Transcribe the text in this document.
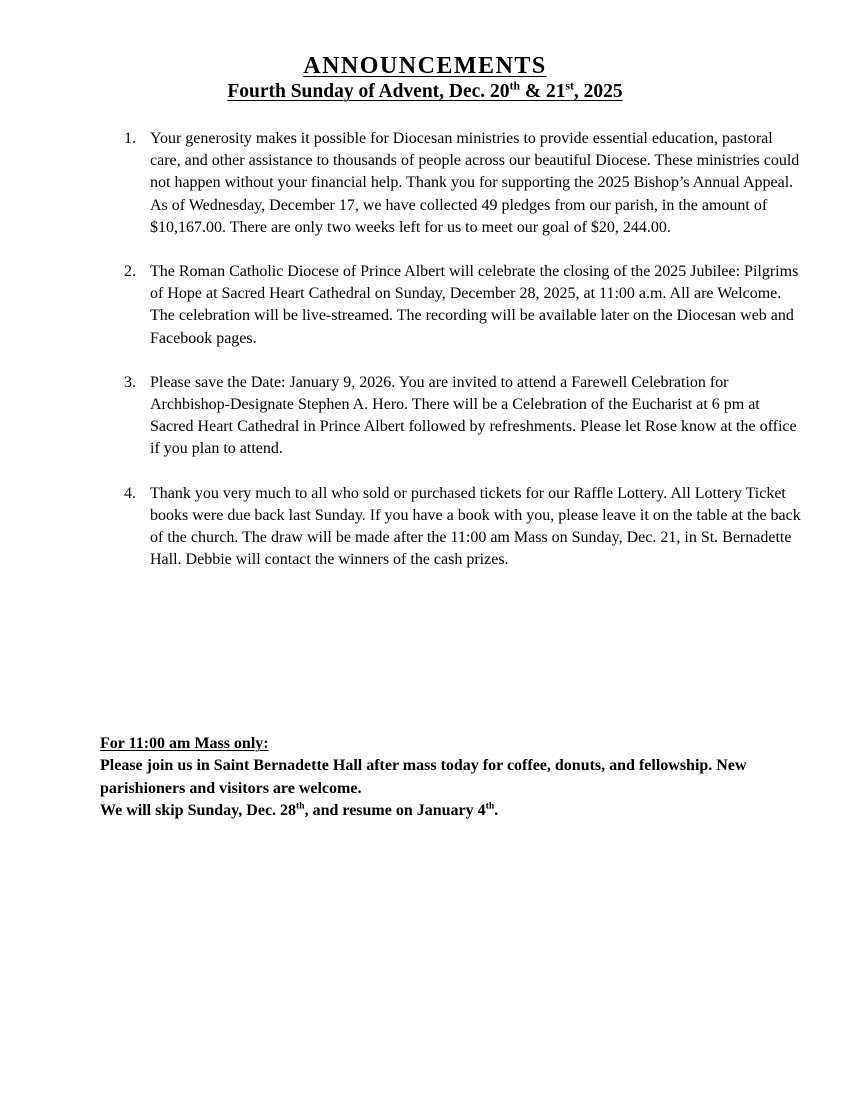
ANNOUNCEMENTS
Fourth Sunday of Advent, Dec. 20th & 21st, 2025
1. Your generosity makes it possible for Diocesan ministries to provide essential education, pastoral care, and other assistance to thousands of people across our beautiful Diocese. These ministries could not happen without your financial help. Thank you for supporting the 2025 Bishop’s Annual Appeal. As of Wednesday, December 17, we have collected 49 pledges from our parish, in the amount of $10,167.00. There are only two weeks left for us to meet our goal of $20, 244.00.
2. The Roman Catholic Diocese of Prince Albert will celebrate the closing of the 2025 Jubilee: Pilgrims of Hope at Sacred Heart Cathedral on Sunday, December 28, 2025, at 11:00 a.m. All are Welcome. The celebration will be live-streamed. The recording will be available later on the Diocesan web and Facebook pages.
3. Please save the Date: January 9, 2026. You are invited to attend a Farewell Celebration for Archbishop-Designate Stephen A. Hero. There will be a Celebration of the Eucharist at 6 pm at Sacred Heart Cathedral in Prince Albert followed by refreshments. Please let Rose know at the office if you plan to attend.
4. Thank you very much to all who sold or purchased tickets for our Raffle Lottery. All Lottery Ticket books were due back last Sunday. If you have a book with you, please leave it on the table at the back of the church. The draw will be made after the 11:00 am Mass on Sunday, Dec. 21, in St. Bernadette Hall. Debbie will contact the winners of the cash prizes.
For 11:00 am Mass only:
Please join us in Saint Bernadette Hall after mass today for coffee, donuts, and fellowship. New parishioners and visitors are welcome.
We will skip Sunday, Dec. 28th, and resume on January 4th.
